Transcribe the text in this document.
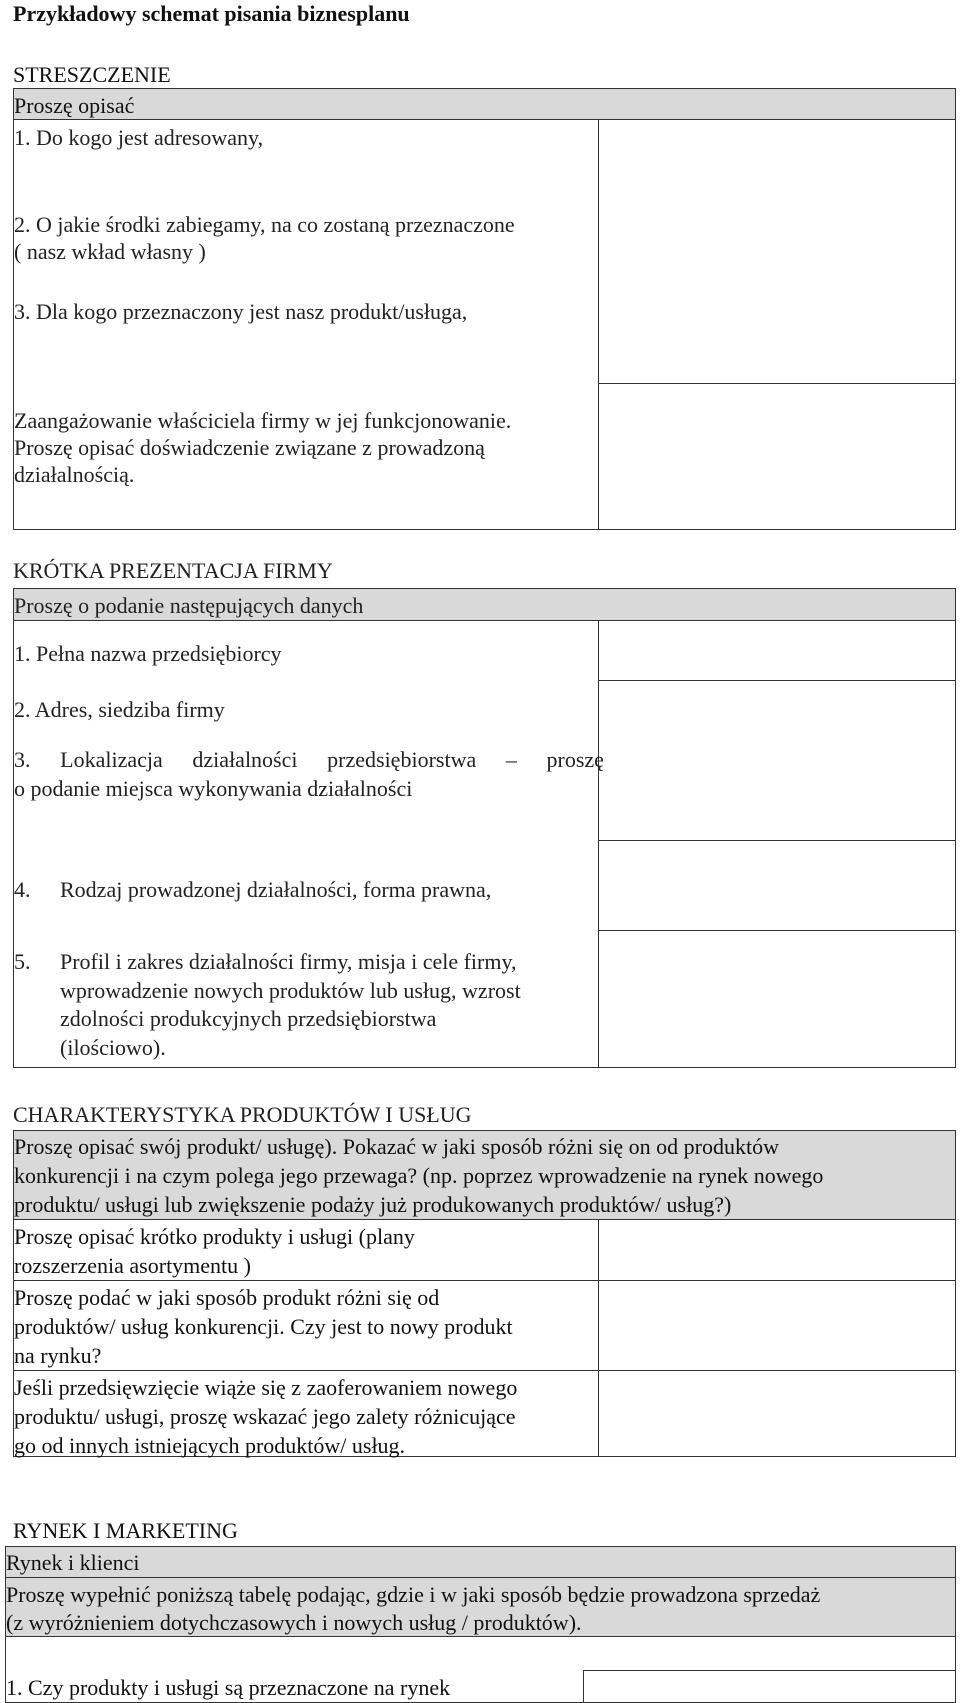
Przykładowy schemat pisania biznesplanu
STRESZCZENIE
Proszę opisać
1. Do kogo jest adresowany,
2. O jakie środki zabiegamy, na co zostaną przeznaczone
( nasz wkład własny )
3. Dla kogo przeznaczony jest nasz produkt/usługa,
Zaangażowanie właściciela firmy w jej funkcjonowanie.
Proszę opisać doświadczenie związane z prowadzoną
działalnością.
KRÓTKA PREZENTACJA FIRMY
Proszę o podanie następujących danych
1. Pełna nazwa przedsiębiorcy
2. Adres, siedziba firmy
3. Lokalizacja działalności przedsiębiorstwa – proszę
o podanie miejsca wykonywania działalności
4. Rodzaj prowadzonej działalności, forma prawna,
5. Profil i zakres działalności firmy, misja i cele firmy,
wprowadzenie nowych produktów lub usług, wzrost
zdolności produkcyjnych przedsiębiorstwa
(ilościowo).
CHARAKTERYSTYKA PRODUKTÓW I USŁUG
Proszę opisać swój produkt/ usługę). Pokazać w jaki sposób różni się on od produktów
konkurencji i na czym polega jego przewaga? (np. poprzez wprowadzenie na rynek nowego
produktu/ usługi lub zwiększenie podaży już produkowanych produktów/ usług?)
Proszę opisać krótko produkty i usługi (plany
rozszerzenia asortymentu )
Proszę podać w jaki sposób produkt różni się od
produktów/ usług konkurencji. Czy jest to nowy produkt
na rynku?
Jeśli przedsięwzięcie wiąże się z zaoferowaniem nowego
produktu/ usługi, proszę wskazać jego zalety różnicujące
go od innych istniejących produktów/ usług.
RYNEK I MARKETING
Rynek i klienci
Proszę wypełnić poniższą tabelę podając, gdzie i w jaki sposób będzie prowadzona sprzedaż
(z wyróżnieniem dotychczasowych i nowych usług / produktów).
1. Czy produkty i usługi są przeznaczone na rynek
